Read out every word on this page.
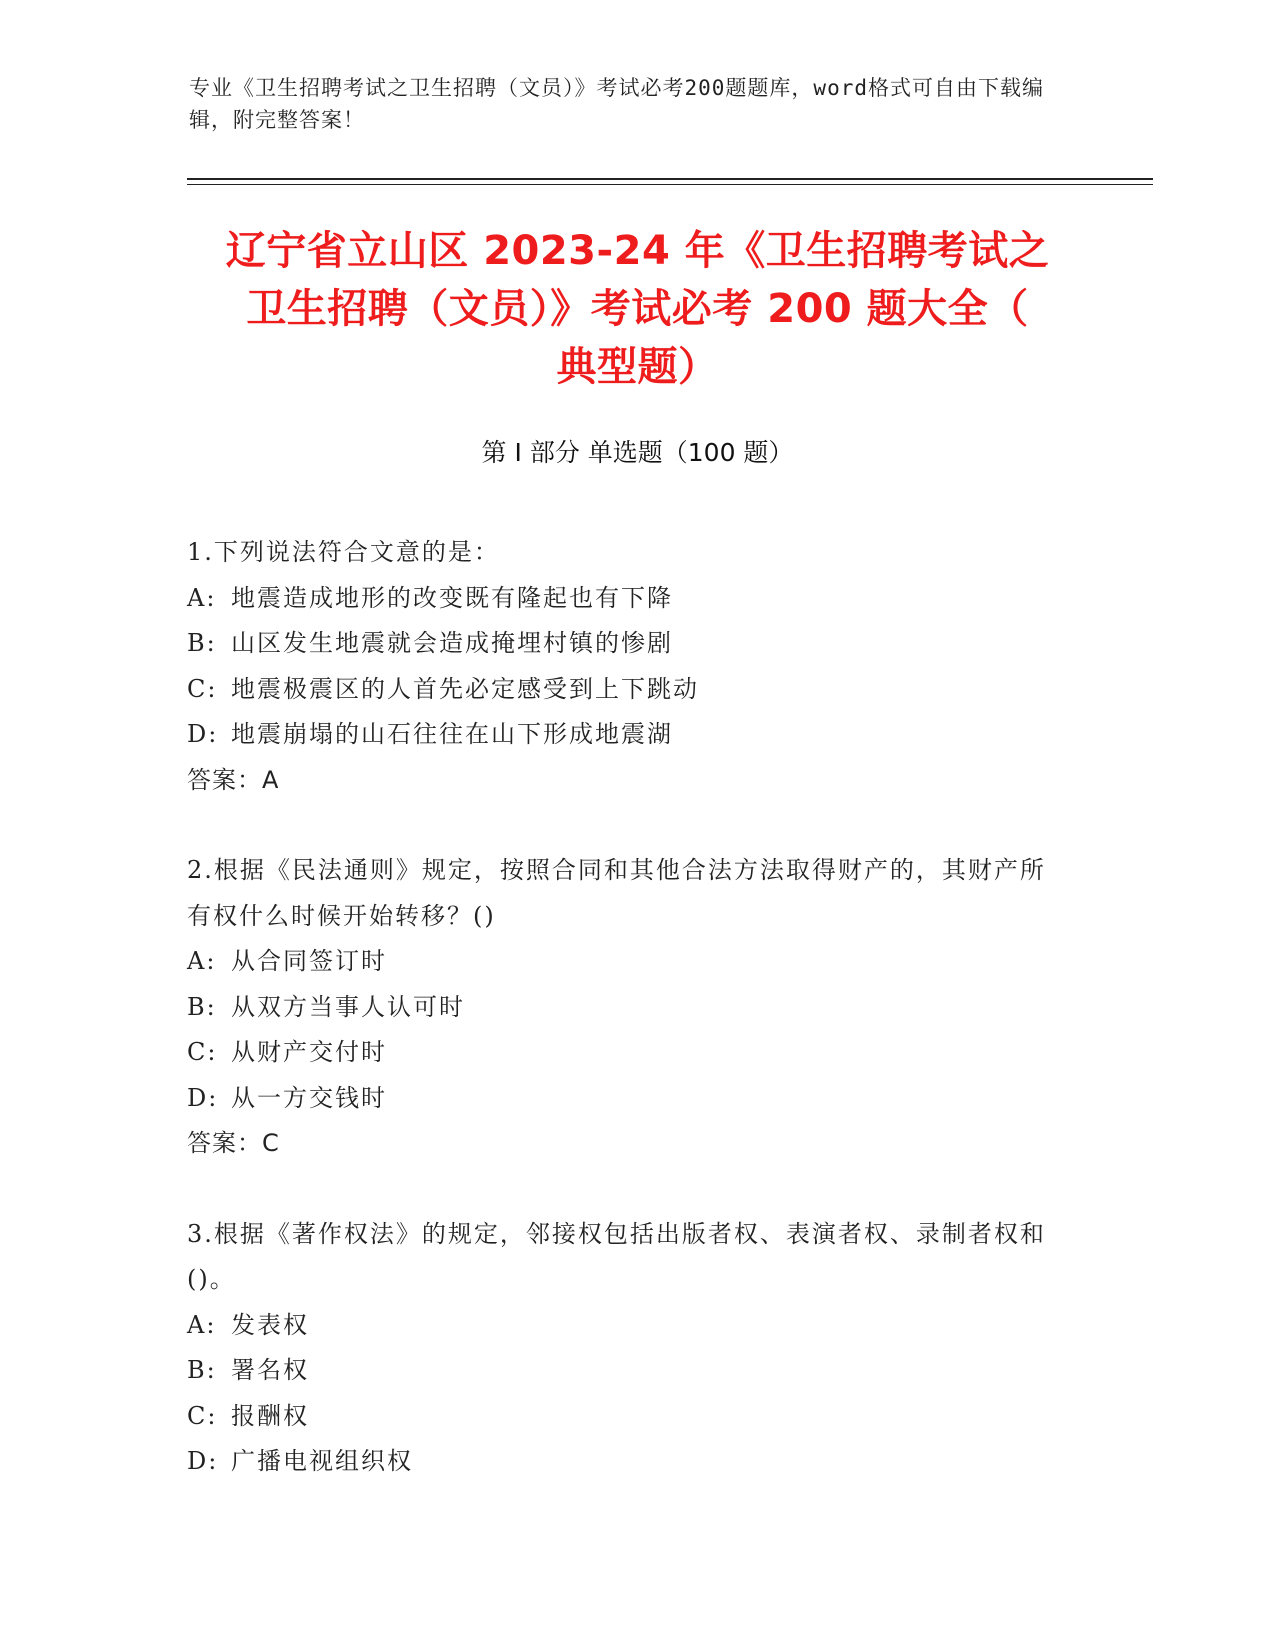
专业《卫生招聘考试之卫生招聘（文员）》考试必考200题题库，word格式可自由下载编辑，附完整答案！
辽宁省立山区 2023-24 年《卫生招聘考试之
卫生招聘（文员）》考试必考 200 题大全（
典型题）
第 I 部分 单选题（100 题）

1.下列说法符合文意的是：

A: 地震造成地形的改变既有隆起也有下降

B: 山区发生地震就会造成掩埋村镇的惨剧

C: 地震极震区的人首先必定感受到上下跳动

D: 地震崩塌的山石往往在山下形成地震湖

答案：A

2.根据《民法通则》规定，按照合同和其他合法方法取得财产的，其财产所有权什么时候开始转移？()

A: 从合同签订时

B: 从双方当事人认可时

C: 从财产交付时

D: 从一方交钱时

答案：C

3.根据《著作权法》的规定，邻接权包括出版者权、表演者权、录制者权和()。

A: 发表权

B: 署名权

C: 报酬权

D: 广播电视组织权
